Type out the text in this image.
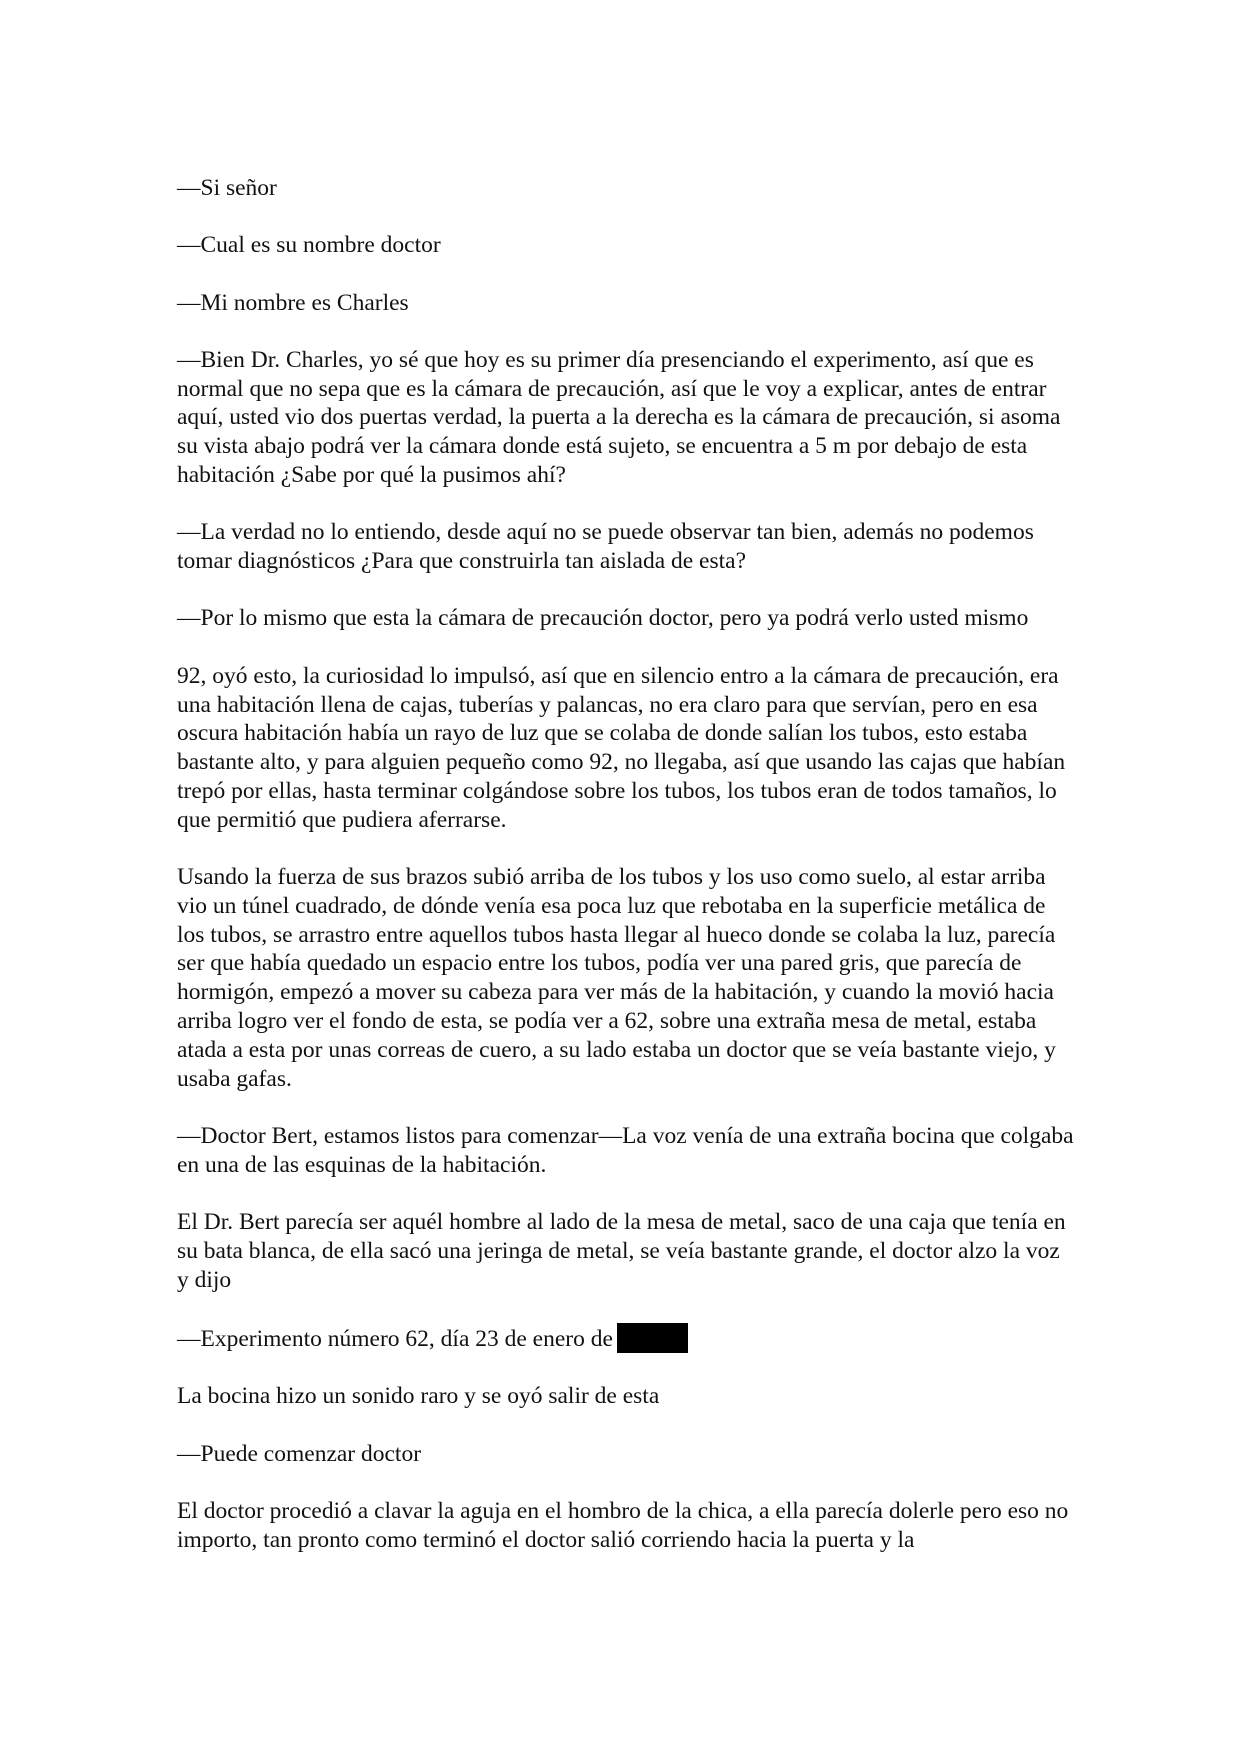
—Si señor

—Cual es su nombre doctor

—Mi nombre es Charles

—Bien Dr. Charles, yo sé que hoy es su primer día presenciando el experimento, así que es normal que no sepa que es la cámara de precaución, así que le voy a explicar, antes de entrar aquí, usted vio dos puertas verdad, la puerta a la derecha es la cámara de precaución, si asoma su vista abajo podrá ver la cámara donde está sujeto, se encuentra a 5 m por debajo de esta habitación ¿Sabe por qué la pusimos ahí?

—La verdad no lo entiendo, desde aquí no se puede observar tan bien, además no podemos tomar diagnósticos ¿Para que construirla tan aislada de esta?

—Por lo mismo que esta la cámara de precaución doctor, pero ya podrá verlo usted mismo

92, oyó esto, la curiosidad lo impulsó, así que en silencio entro a la cámara de precaución, era una habitación llena de cajas, tuberías y palancas, no era claro para que servían, pero en esa oscura habitación había un rayo de luz que se colaba de donde salían los tubos, esto estaba bastante alto, y para alguien pequeño como 92, no llegaba, así que usando las cajas que habían trepó por ellas, hasta terminar colgándose sobre los tubos, los tubos eran de todos tamaños, lo que permitió que pudiera aferrarse.

Usando la fuerza de sus brazos subió arriba de los tubos y los uso como suelo, al estar arriba vio un túnel cuadrado, de dónde venía esa poca luz que rebotaba en la superficie metálica de los tubos, se arrastro entre aquellos tubos hasta llegar al hueco donde se colaba la luz, parecía ser que había quedado un espacio entre los tubos, podía ver una pared gris, que parecía de hormigón, empezó a mover su cabeza para ver más de la habitación, y cuando la movió hacia arriba logro ver el fondo de esta, se podía ver a 62, sobre una extraña mesa de metal, estaba atada a esta por unas correas de cuero, a su lado estaba un doctor que se veía bastante viejo, y usaba gafas.

—Doctor Bert, estamos listos para comenzar—La voz venía de una extraña bocina que colgaba en una de las esquinas de la habitación.

El Dr. Bert parecía ser aquél hombre al lado de la mesa de metal, saco de una caja que tenía en su bata blanca, de ella sacó una jeringa de metal, se veía bastante grande, el doctor alzo la voz y dijo

—Experimento número 62, día 23 de enero de

La bocina hizo un sonido raro y se oyó salir de esta

—Puede comenzar doctor

El doctor procedió a clavar la aguja en el hombro de la chica, a ella parecía dolerle pero eso no importo, tan pronto como terminó el doctor salió corriendo hacia la puerta y la
